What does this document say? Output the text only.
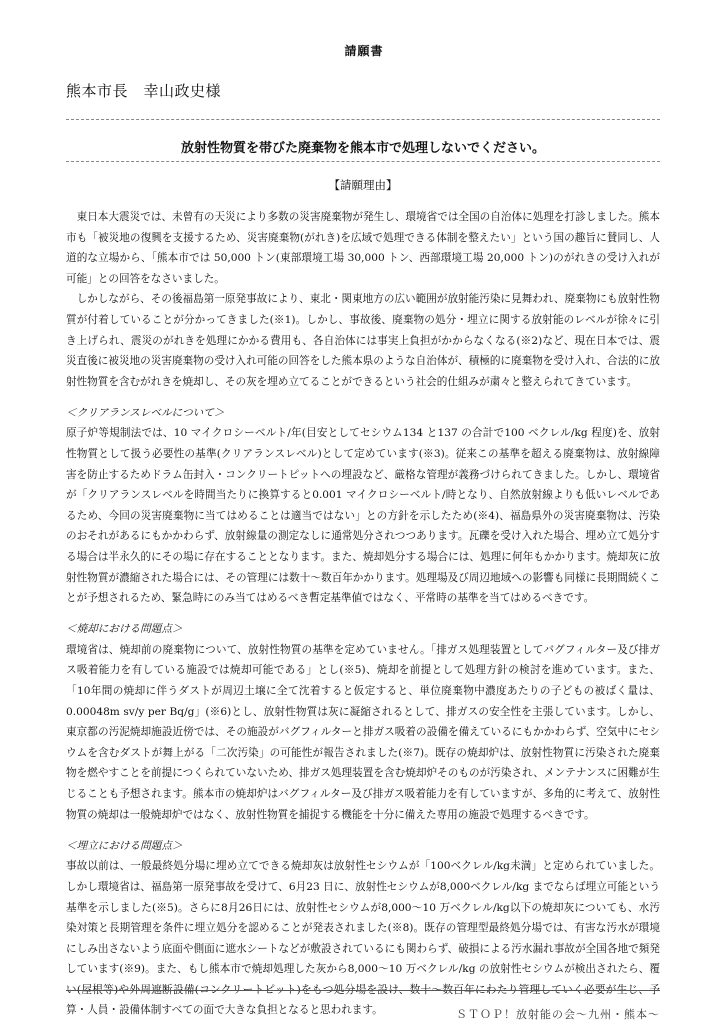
請願書
熊本市長　幸山政史様
放射性物質を帯びた廃棄物を熊本市で処理しないでください。
【請願理由】

東日本大震災では、未曾有の天災により多数の災害廃棄物が発生し、環境省では全国の自治体に処理を打診しました。熊本市も「被災地の復興を支援するため、災害廃棄物(がれき)を広域で処理できる体制を整えたい」という国の趣旨に賛同し、人道的な立場から、「熊本市では 50,000 トン(東部環境工場 30,000 トン、西部環境工場 20,000 トン)のがれきの受け入れが可能」との回答をなさいました。

しかしながら、その後福島第一原発事故により、東北・関東地方の広い範囲が放射能汚染に見舞われ、廃棄物にも放射性物質が付着していることが分かってきました(※1)。しかし、事故後、廃棄物の処分・埋立に関する放射能のレベルが徐々に引き上げられ、震災のがれきを処理にかかる費用も、各自治体には事実上負担がかからなくなる(※2)など、現在日本では、震災直後に被災地の災害廃棄物の受け入れ可能の回答をした熊本県のような自治体が、積極的に廃棄物を受け入れ、合法的に放射性物質を含むがれきを焼却し、その灰を埋め立てることができるという社会的仕組みが粛々と整えられてきています。

＜クリアランスレベルについて＞

原子炉等規制法では、10 マイクロシーベルト/年(目安としてセシウム134 と137 の合計で100 ベクレル/kg 程度)を、放射性物質として扱う必要性の基準(クリアランスレベル)として定めています(※3)。従来この基準を超える廃棄物は、放射線障害を防止するためドラム缶封入・コンクリートピットへの埋設など、厳格な管理が義務づけられてきました。しかし、環境省が「クリアランスレベルを時間当たりに換算すると0.001 マイクロシーベルト/時となり、自然放射線よりも低いレベルであるため、今回の災害廃棄物に当てはめることは適当ではない」との方針を示したため(※4)、福島県外の災害廃棄物は、汚染のおそれがあるにもかかわらず、放射線量の測定なしに通常処分されつつあります。瓦礫を受け入れた場合、埋め立て処分する場合は半永久的にその場に存在することとなります。また、焼却処分する場合には、処理に何年もかかります。焼却灰に放射性物質が濃縮された場合には、その管理には数十～数百年かかります。処理場及び周辺地域への影響も同様に長期間続くことが予想されるため、緊急時にのみ当てはめるべき暫定基準値ではなく、平常時の基準を当てはめるべきです。

＜焼却における問題点＞

環境省は、焼却前の廃棄物について、放射性物質の基準を定めていません。「排ガス処理装置としてバグフィルター及び排ガス吸着能力を有している施設では焼却可能である」とし(※5)、焼却を前提として処理方針の検討を進めています。また、「10年間の焼却に伴うダストが周辺土壌に全て沈着すると仮定すると、単位廃棄物中濃度あたりの子どもの被ばく量は、0.00048m sv/y per Bq/g」(※6)とし、放射性物質は灰に凝縮されるとして、排ガスの安全性を主張しています。しかし、東京都の汚泥焼却施設近傍では、その施設がバグフィルターと排ガス吸着の設備を備えているにもかかわらず、空気中にセシウムを含むダストが舞上がる「二次汚染」の可能性が報告されました(※7)。既存の焼却炉は、放射性物質に汚染された廃棄物を燃やすことを前提につくられていないため、排ガス処理装置を含む焼却炉そのものが汚染され、メンテナンスに困難が生じることも予想されます。熊本市の焼却炉はバグフィルター及び排ガス吸着能力を有していますが、多角的に考えて、放射性物質の焼却は一般焼却炉ではなく、放射性物質を捕捉する機能を十分に備えた専用の施設で処理するべきです。

＜埋立における問題点＞

事故以前は、一般最終処分場に埋め立てできる焼却灰は放射性セシウムが「100ベクレル/kg未満」と定められていました。しかし環境省は、福島第一原発事故を受けて、6月23 日に、放射性セシウムが8,000ベクレル/kg までならば埋立可能という基準を示しました(※5)。さらに8月26日には、放射性セシウムが8,000～10 万ベクレル/kg以下の焼却灰についても、水汚染対策と長期管理を条件に埋立処分を認めることが発表されました(※8)。既存の管理型最終処分場では、有害な汚水が環境にしみ出さないよう底面や側面に遮水シートなどが敷設されているにも関わらず、破損による汚水漏れ事故が全国各地で頻発しています(※9)。また、もし熊本市で焼却処理した灰から8,000～10 万ベクレル/kg の放射性セシウムが検出されたら、覆い(屋根等)や外周遮断設備(コンクリートピット)をもつ処分場を設け、数十～数百年にわたり管理していく必要が生じ、予算・人員・設備体制すべての面で大きな負担となると思われます。	ＳＴＯＰ！放射能の会～九州・熊本～
